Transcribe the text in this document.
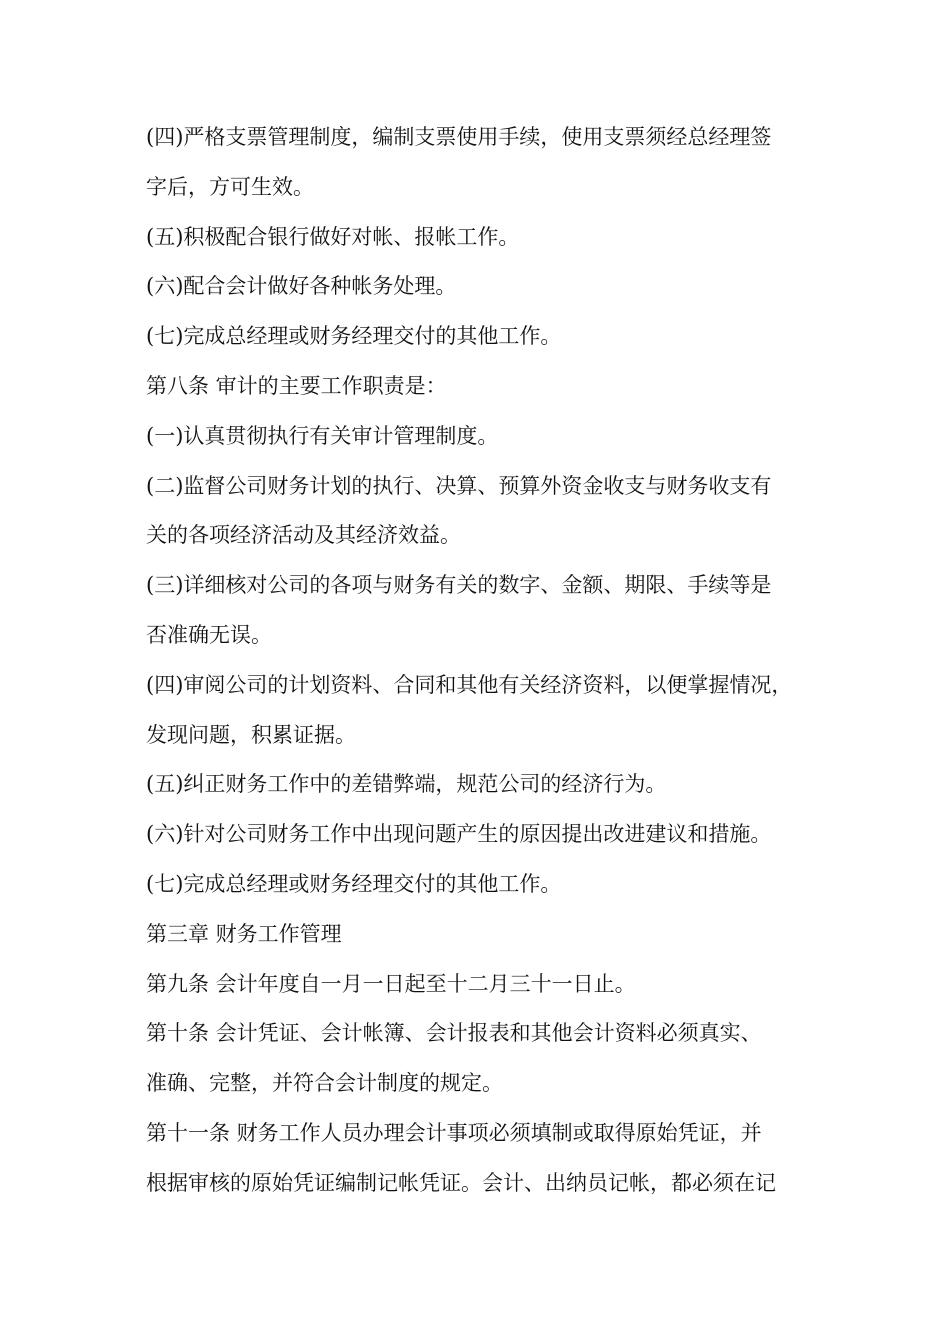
(四)严格支票管理制度，编制支票使用手续，使用支票须经总经理签
字后，方可生效。
(五)积极配合银行做好对帐、报帐工作。
(六)配合会计做好各种帐务处理。
(七)完成总经理或财务经理交付的其他工作。
第八条 审计的主要工作职责是：
(一)认真贯彻执行有关审计管理制度。
(二)监督公司财务计划的执行、决算、预算外资金收支与财务收支有
关的各项经济活动及其经济效益。
(三)详细核对公司的各项与财务有关的数字、金额、期限、手续等是
否准确无误。
(四)审阅公司的计划资料、合同和其他有关经济资料，以便掌握情况，
发现问题，积累证据。
(五)纠正财务工作中的差错弊端，规范公司的经济行为。
(六)针对公司财务工作中出现问题产生的原因提出改进建议和措施。
(七)完成总经理或财务经理交付的其他工作。
第三章 财务工作管理
第九条 会计年度自一月一日起至十二月三十一日止。
第十条 会计凭证、会计帐簿、会计报表和其他会计资料必须真实、
准确、完整，并符合会计制度的规定。
第十一条 财务工作人员办理会计事项必须填制或取得原始凭证，并
根据审核的原始凭证编制记帐凭证。会计、出纳员记帐，都必须在记
